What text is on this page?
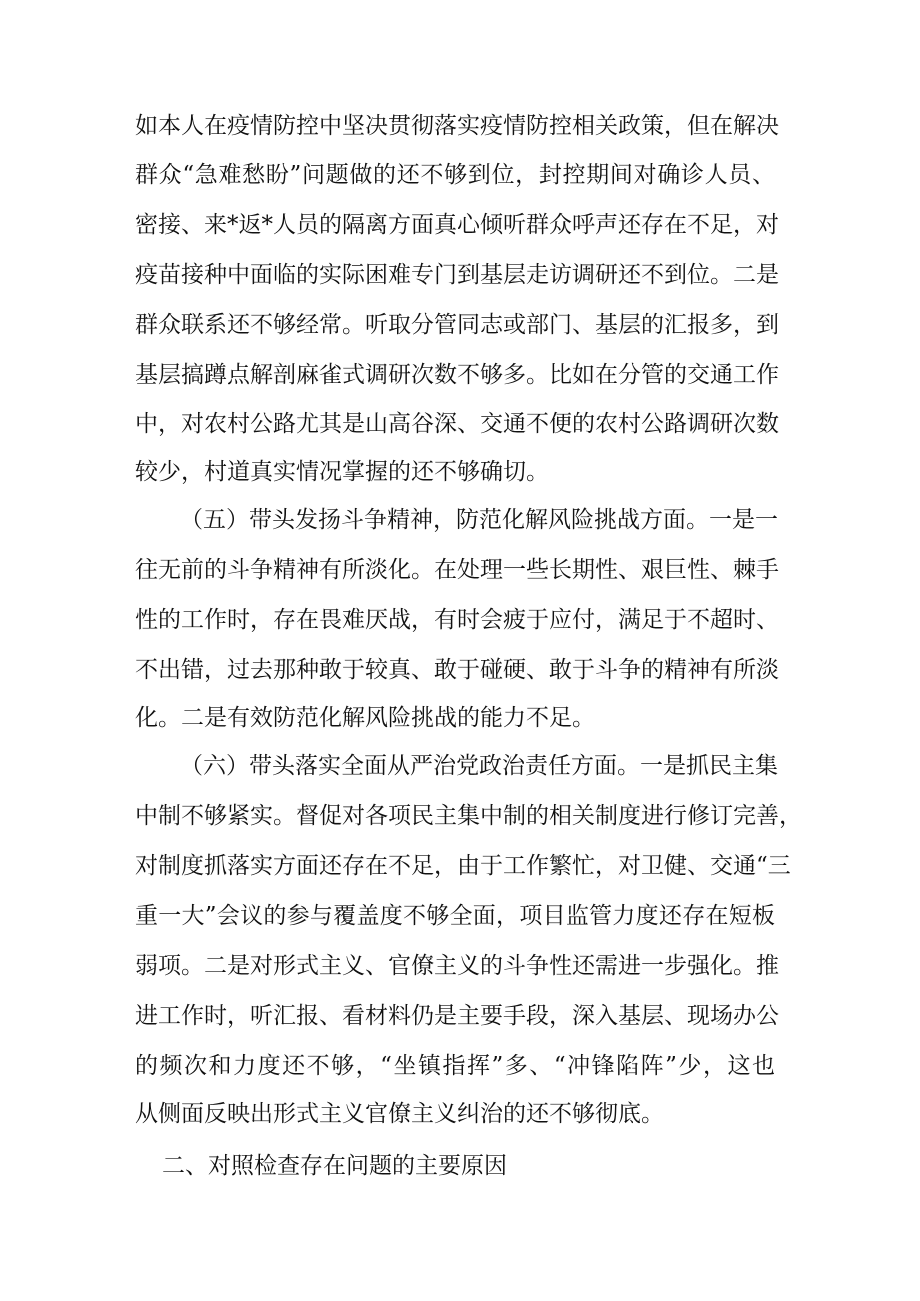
如本人在疫情防控中坚决贯彻落实疫情防控相关政策，但在解决
群众“急难愁盼”问题做的还不够到位，封控期间对确诊人员、
密接、来*返*人员的隔离方面真心倾听群众呼声还存在不足，对
疫苗接种中面临的实际困难专门到基层走访调研还不到位。二是
群众联系还不够经常。听取分管同志或部门、基层的汇报多，到
基层搞蹲点解剖麻雀式调研次数不够多。比如在分管的交通工作
中，对农村公路尤其是山高谷深、交通不便的农村公路调研次数
较少，村道真实情况掌握的还不够确切。
（五）带头发扬斗争精神，防范化解风险挑战方面。一是一
往无前的斗争精神有所淡化。在处理一些长期性、艰巨性、棘手
性的工作时，存在畏难厌战，有时会疲于应付，满足于不超时、
不出错，过去那种敢于较真、敢于碰硬、敢于斗争的精神有所淡
化。二是有效防范化解风险挑战的能力不足。
（六）带头落实全面从严治党政治责任方面。一是抓民主集
中制不够紧实。督促对各项民主集中制的相关制度进行修订完善，
对制度抓落实方面还存在不足，由于工作繁忙，对卫健、交通“三
重一大”会议的参与覆盖度不够全面，项目监管力度还存在短板
弱项。二是对形式主义、官僚主义的斗争性还需进一步强化。推
进工作时，听汇报、看材料仍是主要手段，深入基层、现场办公
的频次和力度还不够，“坐镇指挥”多、“冲锋陷阵”少，这也
从侧面反映出形式主义官僚主义纠治的还不够彻底。
二、对照检查存在问题的主要原因
